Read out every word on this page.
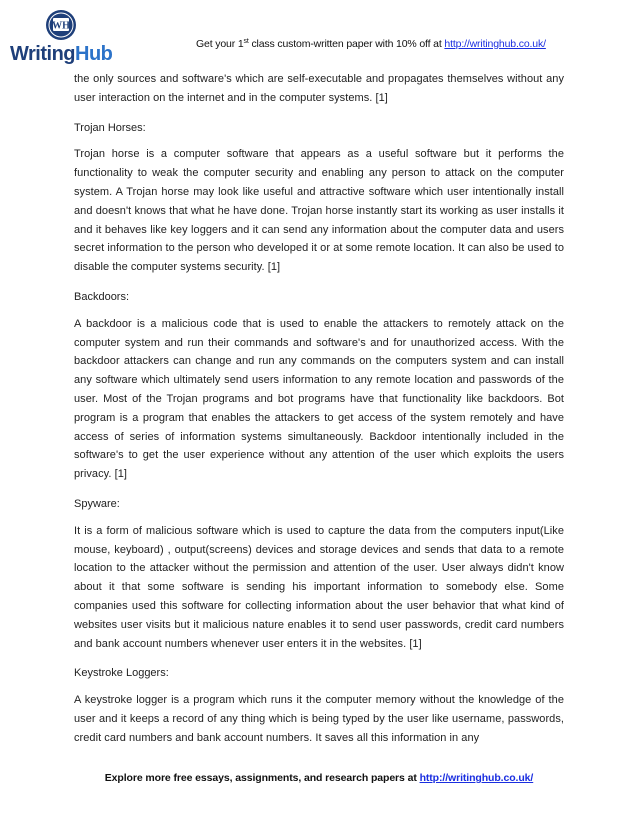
WH
WritingHub	Get your 1st class custom-written paper with 10% off at http://writinghub.co.uk/

the only sources and software's which are self-executable and propagates themselves without any user interaction on the internet and in the computer systems. [1]

Trojan Horses:

Trojan horse is a computer software that appears as a useful software but it performs the functionality to weak the computer security and enabling any person to attack on the computer system. A Trojan horse may look like useful and attractive software which user intentionally install and doesn't knows that what he have done. Trojan horse instantly start its working as user installs it and it behaves like key loggers and it can send any information about the computer data and users secret information to the person who developed it or at some remote location. It can also be used to disable the computer systems security. [1]

Backdoors:

A backdoor is a malicious code that is used to enable the attackers to remotely attack on the computer system and run their commands and software's and for unauthorized access. With the backdoor attackers can change and run any commands on the computers system and can install any software which ultimately send users information to any remote location and passwords of the user. Most of the Trojan programs and bot programs have that functionality like backdoors. Bot program is a program that enables the attackers to get access of the system remotely and have access of series of information systems simultaneously. Backdoor intentionally included in the software's to get the user experience without any attention of the user which exploits the users privacy. [1]

Spyware:

It is a form of malicious software which is used to capture the data from the computers input(Like mouse, keyboard) , output(screens) devices and storage devices and sends that data to a remote location to the attacker without the permission and attention of the user. User always didn't know about it that some software is sending his important information to somebody else. Some companies used this software for collecting information about the user behavior that what kind of websites user visits but it malicious nature enables it to send user passwords, credit card numbers and bank account numbers whenever user enters it in the websites. [1]

Keystroke Loggers:

A keystroke logger is a program which runs it the computer memory without the knowledge of the user and it keeps a record of any thing which is being typed by the user like username, passwords, credit card numbers and bank account numbers. It saves all this information in any

Explore more free essays, assignments, and research papers at http://writinghub.co.uk/
